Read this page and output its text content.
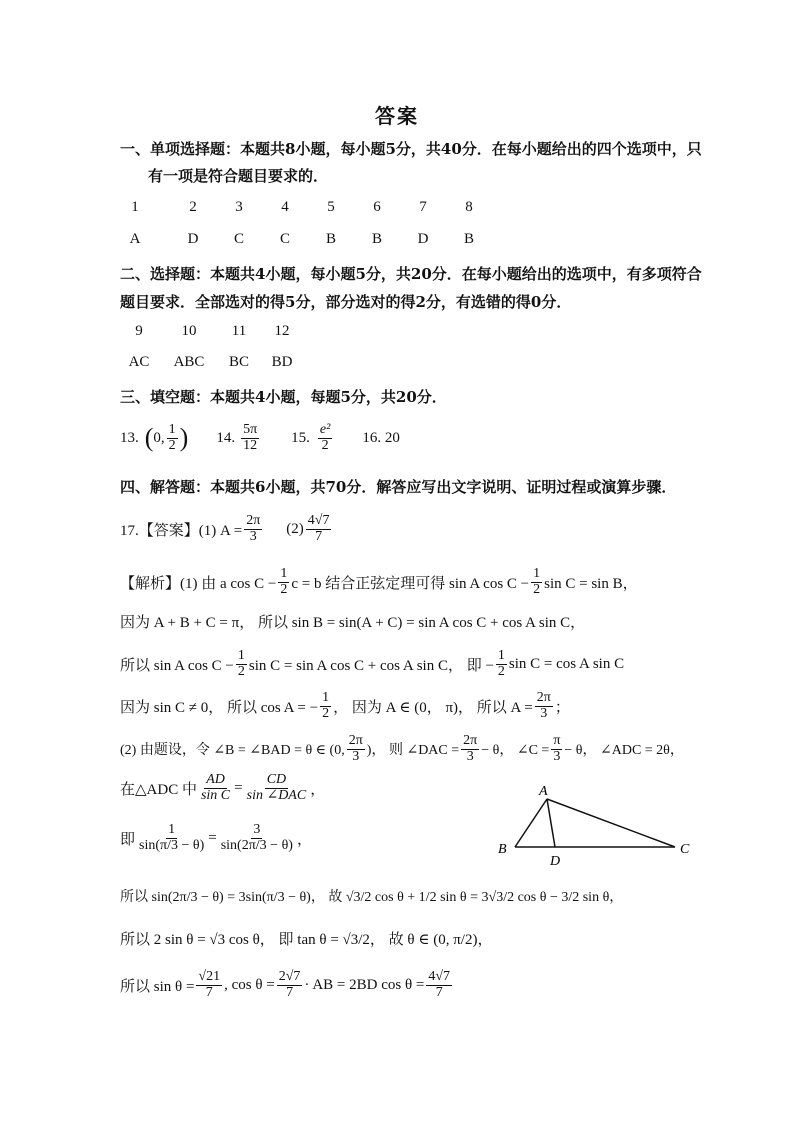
答案
一、单项选择题：本题共8小题，每小题5分，共40分．在每小题给出的四个选项中，只
有一项是符合题目要求的．
1	2	3	4	5	6	7	8
A	D	C	C	B	B	D	B
二、选择题：本题共4小题，每小题5分，共20分．在每小题给出的选项中，有多项符合
题目要求．全部选对的得5分，部分选对的得2分，有选错的得0分．
9	10	11	12
AC	ABC	BC	BD
三、填空题：本题共4小题，每题5分，共20分．
13. ( 0, $\frac{1}{2}$ ) 14. $\frac{5\pi}{12} 15$. $\frac{\text{e²}}{2} 16$. 20
四、解答题：本题共6小题，共70分．解答应写出文字说明、证明过程或演算步骤．
17.【答案】(1) $A = \frac{2\pi}{3} (2) \frac{4√7}{7}$
【解析】(1) 由 a $\cos C - \frac{1}{2}$ c = b 结合正弦定理可得 sin A $\cos C - \frac{1}{2}$ sin C = sin B，
因为 A + B + C = π， 所以 sin B = sin(A + C) = sin A cos C + cos A sin C，
所以 sin A $\cos C - \frac{1}{2}$ sin C = sin A cos C + cos A sin C， 即 − $\frac{1}{2}$ sin C = cos A sin C
因为 sin C ≠ 0， 所以 cos A = − $\frac{1}{2}$ ， 因为 A ∈ (0， π)， 所以 $A = \frac{2\pi}{3}$ ；
(2) 由题设，令 ∠B = ∠BAD = θ ∈ (0, $\frac{2\pi}{3}$ )， 则 ∠DAC = $\frac{2\pi}{3} - \theta$， ∠C = $\frac{\pi}{3} - \theta$， ∠ADC = 2θ，
在△ADC 中 $\frac{AD}{\text{sin C}} = \frac{CD}{\text{sin ∠DAC}}$ ，
即 $\frac{1}{\sin(\pi/3 - \theta)} = \frac{3}{\sin(2\pi/3 - \theta)}$ ，
A
B	C
D
所以 sin(2π/3 − θ) = 3sin(π/3 − θ)， 故 √3/2 cos θ + 1/2 sin θ = 3√3/2 cos θ − 3/2 sin θ，
所以 2 sin θ = √3 cos θ， 即 tan θ = √3/2， 故 θ ∈ (0, π/2)，
所以 $\sin \theta = \frac{√21}{7}$ , $\cos \theta = \frac{2√7}{7}$ · AB = 2BD $\cos \theta = \frac{4√7}{7}$
